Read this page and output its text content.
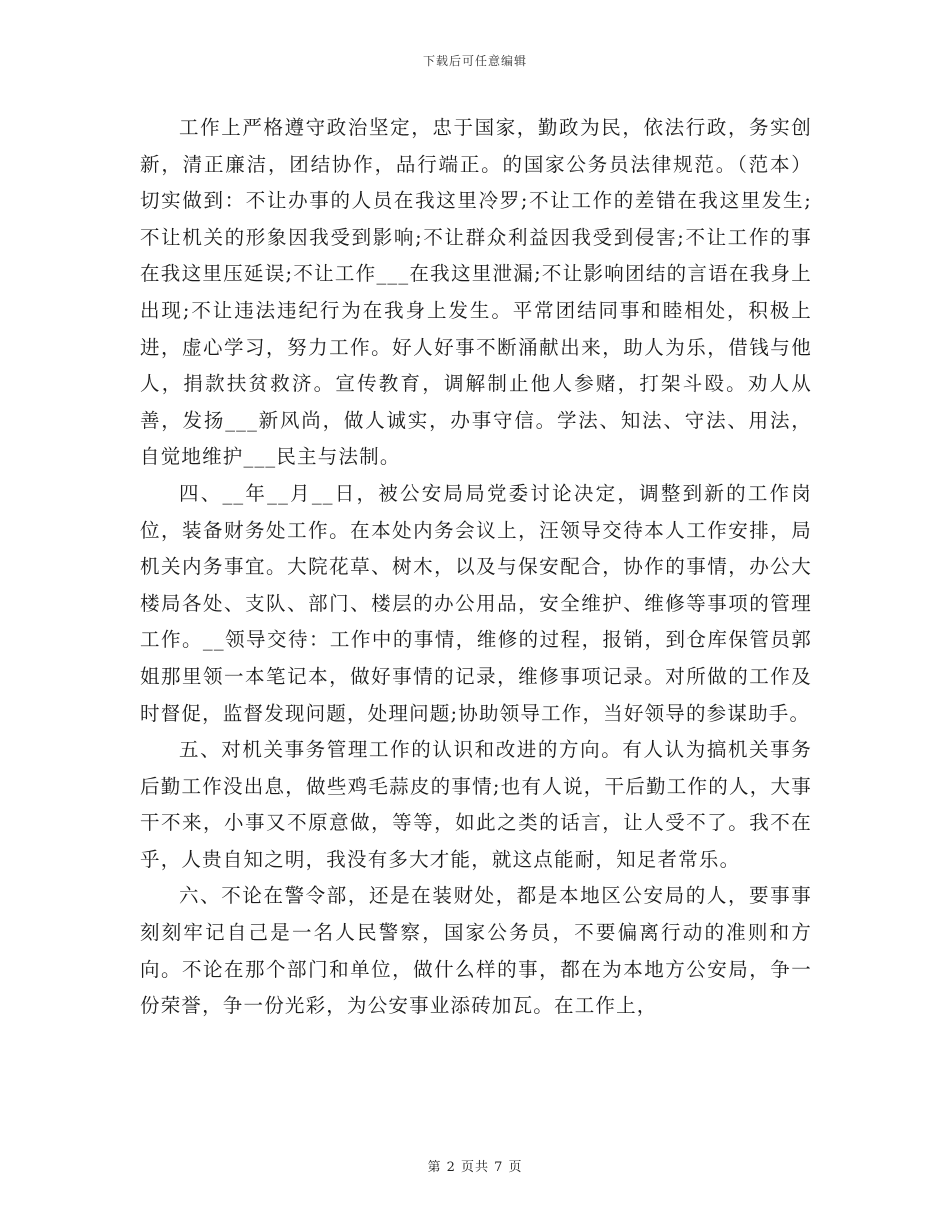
下载后可任意编辑

工作上严格遵守政治坚定，忠于国家，勤政为民，依法行政，务实创新，清正廉洁，团结协作，品行端正。的国家公务员法律规范。（范本）切实做到：不让办事的人员在我这里冷罗;不让工作的差错在我这里发生;不让机关的形象因我受到影响;不让群众利益因我受到侵害;不让工作的事在我这里压延误;不让工作___在我这里泄漏;不让影响团结的言语在我身上出现;不让违法违纪行为在我身上发生。平常团结同事和睦相处，积极上进，虚心学习，努力工作。好人好事不断涌献出来，助人为乐，借钱与他人，捐款扶贫救济。宣传教育，调解制止他人参赌，打架斗殴。劝人从善，发扬___新风尚，做人诚实，办事守信。学法、知法、守法、用法，自觉地维护___民主与法制。

四、__年__月__日，被公安局局党委讨论决定，调整到新的工作岗位，装备财务处工作。在本处内务会议上，汪领导交待本人工作安排，局机关内务事宜。大院花草、树木，以及与保安配合，协作的事情，办公大楼局各处、支队、部门、楼层的办公用品，安全维护、维修等事项的管理工作。__领导交待：工作中的事情，维修的过程，报销，到仓库保管员郭姐那里领一本笔记本，做好事情的记录，维修事项记录。对所做的工作及时督促，监督发现问题，处理问题;协助领导工作，当好领导的参谋助手。

五、对机关事务管理工作的认识和改进的方向。有人认为搞机关事务后勤工作没出息，做些鸡毛蒜皮的事情;也有人说，干后勤工作的人，大事干不来，小事又不原意做，等等，如此之类的话言，让人受不了。我不在乎，人贵自知之明，我没有多大才能，就这点能耐，知足者常乐。

六、不论在警令部，还是在装财处，都是本地区公安局的人，要事事刻刻牢记自己是一名人民警察，国家公务员，不要偏离行动的准则和方向。不论在那个部门和单位，做什么样的事，都在为本地方公安局，争一份荣誉，争一份光彩，为公安事业添砖加瓦。在工作上，

第 2 页共 7 页
